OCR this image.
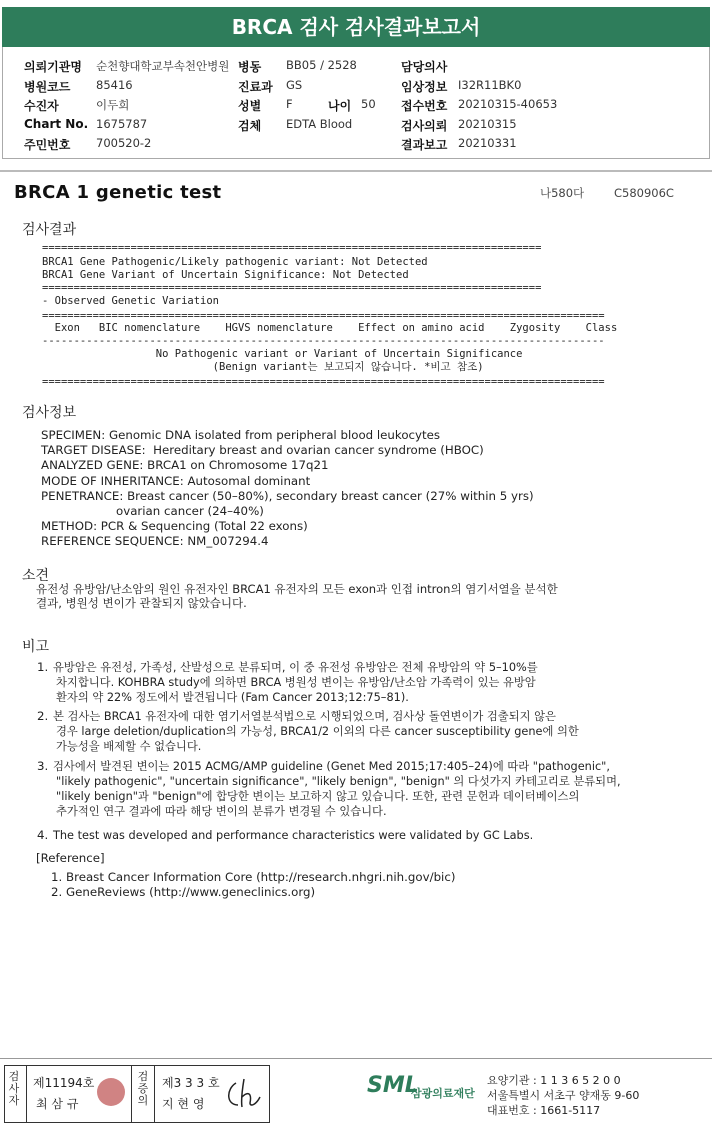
BRCA 검사 검사결과보고서
의뢰기관명 순천향대학교부속천안병원 병동 BB05 / 2528	담당의사
병원코드 85416	진료과 GS	임상정보 I32R11BK0
수진자	이두희	성별 F	나이 50 접수번호 20210315-40653
Chart No. 1675787	검체 EDTA Blood	검사의뢰 20210315
주민번호 700520-2	결과보고 20210331
BRCA 1 genetic test	나580다	C580906C
검사결과
===============================================================================
BRCA1 Gene Pathogenic/Likely pathogenic variant: Not Detected
BRCA1 Gene Variant of Uncertain Significance: Not Detected
===============================================================================
- Observed Genetic Variation
=========================================================================================
Exon   BIC nomenclature    HGVS nomenclature    Effect on amino acid    Zygosity    Class
-----------------------------------------------------------------------------------------
No Pathogenic variant or Variant of Uncertain Significance
(Benign variant는 보고되지 않습니다. *비고 참조)
=========================================================================================
검사정보
SPECIMEN: Genomic DNA isolated from peripheral blood leukocytes
TARGET DISEASE:  Hereditary breast and ovarian cancer syndrome (HBOC)
ANALYZED GENE: BRCA1 on Chromosome 17q21
MODE OF INHERITANCE: Autosomal dominant
PENETRANCE: Breast cancer (50–80%), secondary breast cancer (27% within 5 yrs)
ovarian cancer (24–40%)
METHOD: PCR & Sequencing (Total 22 exons)
REFERENCE SEQUENCE: NM_007294.4
소견
유전성 유방암/난소암의 원인 유전자인 BRCA1 유전자의 모든 exon과 인접 intron의 염기서열을 분석한
결과, 병원성 변이가 관찰되지 않았습니다.
비고
1. 유방암은 유전성, 가족성, 산발성으로 분류되며, 이 중 유전성 유방암은 전체 유방암의 약 5–10%를
차지합니다. KOHBRA study에 의하면 BRCA 병원성 변이는 유방암/난소암 가족력이 있는 유방암
환자의 약 22% 정도에서 발견됩니다 (Fam Cancer 2013;12:75–81).
2. 본 검사는 BRCA1 유전자에 대한 염기서열분석법으로 시행되었으며, 검사상 돌연변이가 검출되지 않은
경우 large deletion/duplication의 가능성, BRCA1/2 이외의 다른 cancer susceptibility gene에 의한
가능성을 배제할 수 없습니다.
3. 검사에서 발견된 변이는 2015 ACMG/AMP guideline (Genet Med 2015;17:405–24)에 따라 "pathogenic",
"likely pathogenic", "uncertain significance", "likely benign", "benign" 의 다섯가지 카테고리로 분류되며,
"likely benign"과 "benign"에 합당한 변이는 보고하지 않고 있습니다. 또한, 관련 문헌과 데이터베이스의
추가적인 연구 결과에 따라 해당 변이의 분류가 변경될 수 있습니다.
4. The test was developed and performance characteristics were validated by GC Labs.
[Reference]
1. Breast Cancer Information Core (http://research.nhgri.nih.gov/bic)
2. GeneReviews (http://www.geneclinics.org)
검사자
제11194호
최 삼 규
검증의
제3 3 3 호
지 현 영
SML
삼광의료재단
요양기관 : 1 1 3 6 5 2 0 0
서울특별시 서초구 양재동 9-60
대표번호 : 1661-5117
